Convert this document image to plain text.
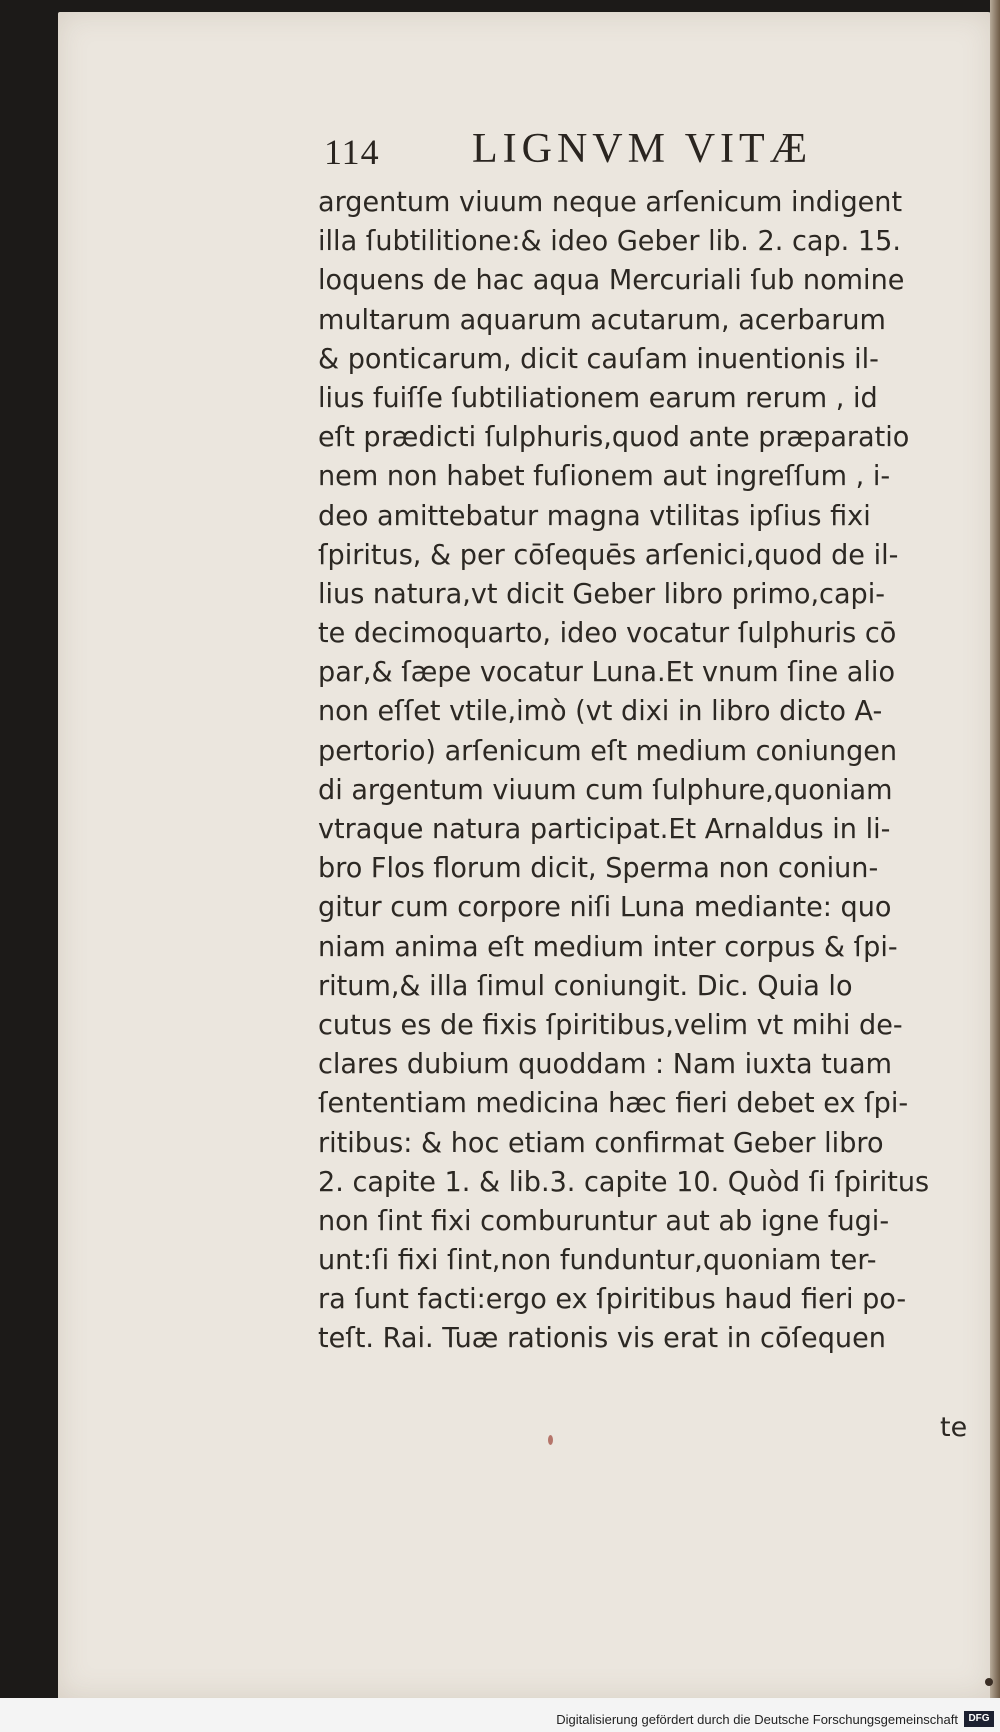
114 LIGNVM VITÆ
argentum viuum neque arſenicum indigent
illa ſubtilitione:& ideo Geber lib. 2. cap. 15.
loquens de hac aqua Mercuriali ſub nomine
multarum aquarum acutarum, acerbarum
& ponticarum, dicit cauſam inuentionis il-
lius fuiſſe ſubtiliationem earum rerum , id
eſt prædicti ſulphuris,quod ante præparatio
nem non habet fuſionem aut ingreſſum , i-
deo amittebatur magna vtilitas ipſius fixi
ſpiritus, & per cōſequēs arſenici,quod de il-
lius natura,vt dicit Geber libro primo,capi-
te decimoquarto, ideo vocatur ſulphuris cō
par,& ſæpe vocatur Luna.Et vnum ſine alio
non eſſet vtile,imò (vt dixi in libro dicto A-
pertorio) arſenicum eſt medium coniungen
di argentum viuum cum ſulphure,quoniam
vtraque natura participat.Et Arnaldus in li-
bro Flos florum dicit, Sperma non coniun-
gitur cum corpore niſi Luna mediante: quo
niam anima eſt medium inter corpus & ſpi-
ritum,& illa ſimul coniungit. Dic. Quia lo
cutus es de fixis ſpiritibus,velim vt mihi de-
clares dubium quoddam : Nam iuxta tuam
ſententiam medicina hæc fieri debet ex ſpi-
ritibus: & hoc etiam confirmat Geber libro
2. capite 1. & lib.3. capite 10. Quòd ſi ſpiritus
non ſint fixi comburuntur aut ab igne fugi-
unt:ſi fixi ſint,non funduntur,quoniam ter-
ra ſunt facti:ergo ex ſpiritibus haud fieri po-
teſt. Rai. Tuæ rationis vis erat in cōſequen
te
Digitalisierung gefördert durch die Deutsche Forschungsgemeinschaft	DFG
